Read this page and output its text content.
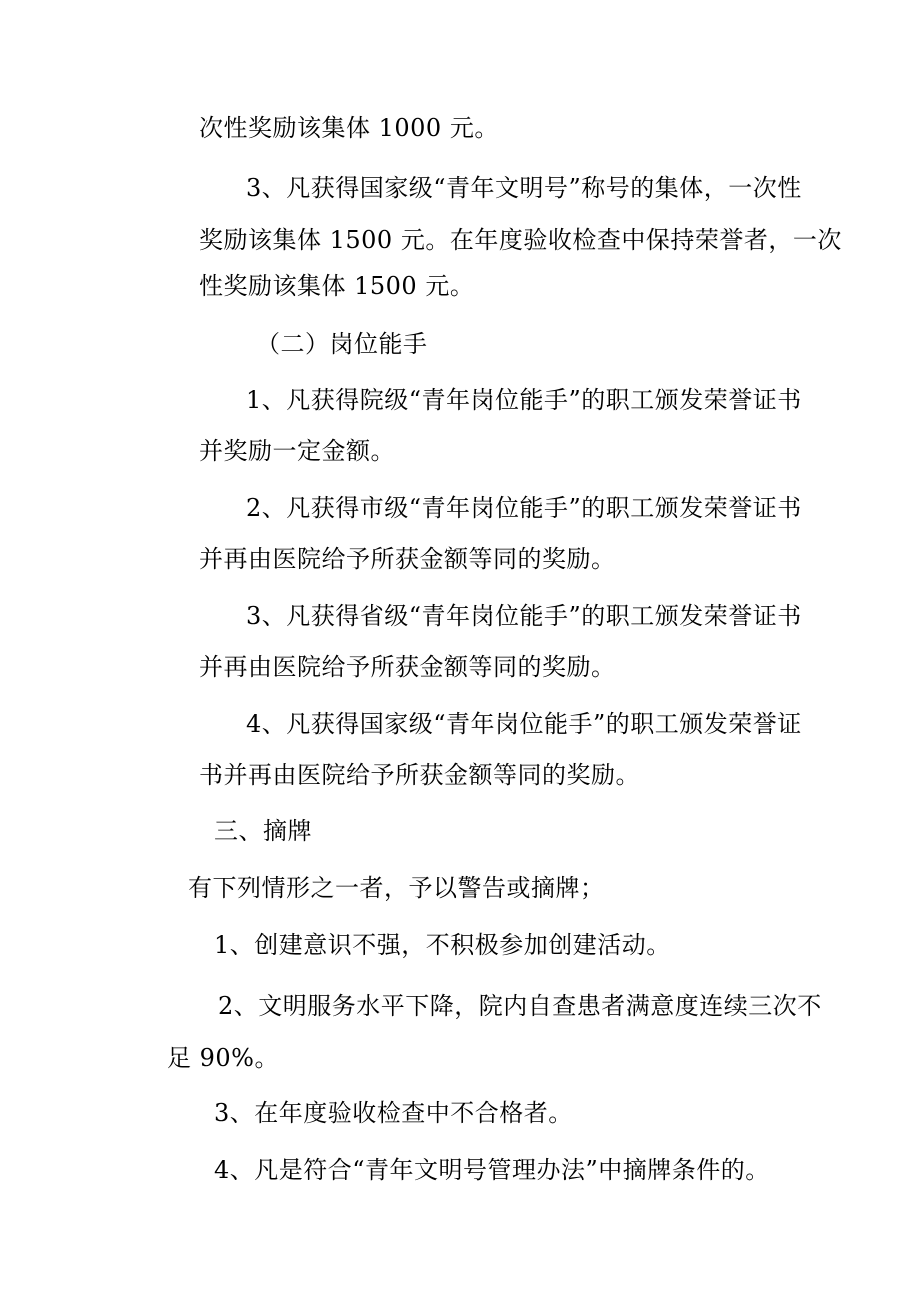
次性奖励该集体 1000 元。
3、凡获得国家级“青年文明号”称号的集体，一次性
奖励该集体 1500 元。在年度验收检查中保持荣誉者，一次
性奖励该集体 1500 元。
（二）岗位能手
1、凡获得院级“青年岗位能手”的职工颁发荣誉证书
并奖励一定金额。
2、凡获得市级“青年岗位能手”的职工颁发荣誉证书
并再由医院给予所获金额等同的奖励。
3、凡获得省级“青年岗位能手”的职工颁发荣誉证书
并再由医院给予所获金额等同的奖励。
4、凡获得国家级“青年岗位能手”的职工颁发荣誉证
书并再由医院给予所获金额等同的奖励。
三、摘牌
有下列情形之一者，予以警告或摘牌；
1、创建意识不强，不积极参加创建活动。
2、文明服务水平下降，院内自查患者满意度连续三次不
足 90%。
3、在年度验收检查中不合格者。
4、凡是符合“青年文明号管理办法”中摘牌条件的。
